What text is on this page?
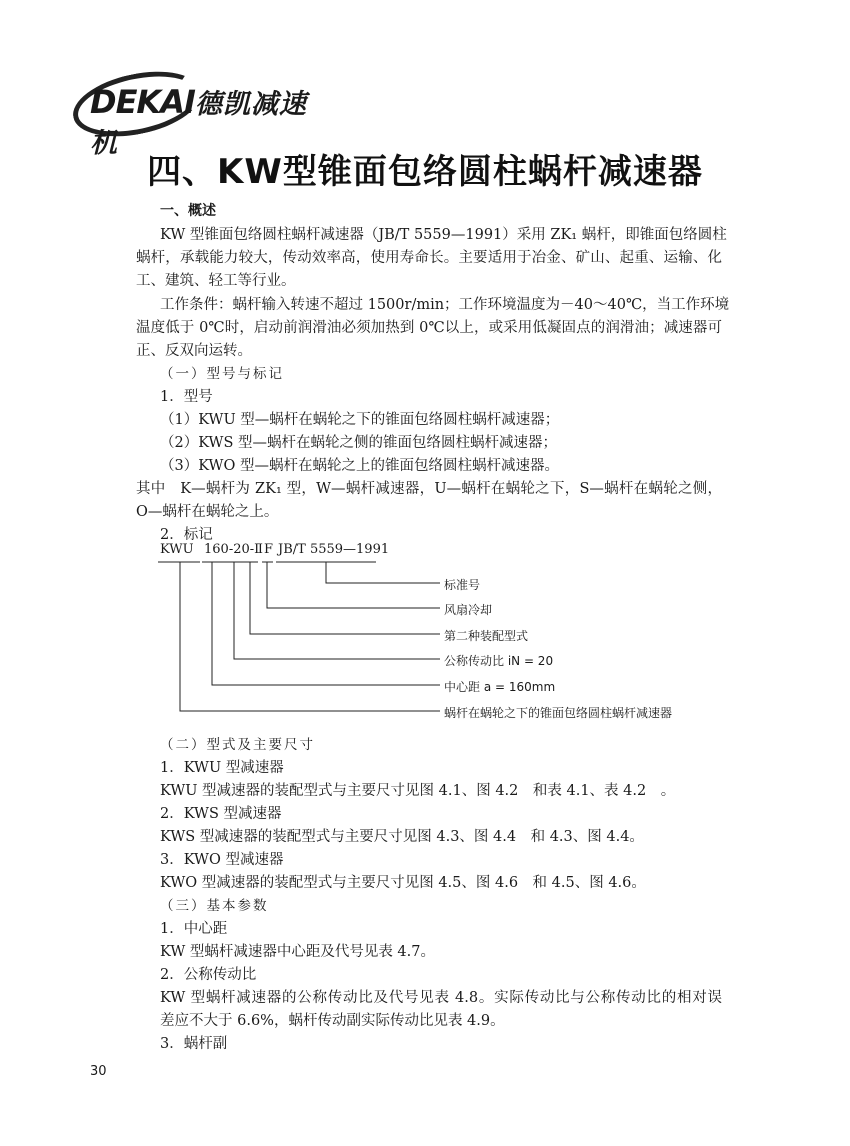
DEKAI德凯减速机
四、KW型锥面包络圆柱蜗杆减速器
一、概述
KW 型锥面包络圆柱蜗杆减速器（JB/T 5559—1991）采用 ZK₁ 蜗杆，即锥面包络圆柱
蜗杆，承载能力较大，传动效率高，使用寿命长。主要适用于冶金、矿山、起重、运输、化
工、建筑、轻工等行业。
工作条件：蜗杆输入转速不超过 1500r/min；工作环境温度为－40～40℃，当工作环境
温度低于 0℃时，启动前润滑油必须加热到 0℃以上，或采用低凝固点的润滑油；减速器可
正、反双向运转。
（一）型号与标记
1．型号
（1）KWU 型—蜗杆在蜗轮之下的锥面包络圆柱蜗杆减速器；
（2）KWS 型—蜗杆在蜗轮之侧的锥面包络圆柱蜗杆减速器；
（3）KWO 型—蜗杆在蜗轮之上的锥面包络圆柱蜗杆减速器。
其中　K—蜗杆为 ZK₁ 型，W—蜗杆减速器，U—蜗杆在蜗轮之下，S—蜗杆在蜗轮之侧，
O—蜗杆在蜗轮之上。
2．标记
KWU 160-20-Ⅱ F JB/T 5559—1991
标准号
风扇冷却
第二种装配型式
公称传动比 iN = 20
中心距 a = 160mm
蜗杆在蜗轮之下的锥面包络圆柱蜗杆减速器
（二）型式及主要尺寸
1．KWU 型减速器
KWU 型减速器的装配型式与主要尺寸见图 4.1、图 4.2　和表 4.1、表 4.2　。
2．KWS 型减速器
KWS 型减速器的装配型式与主要尺寸见图 4.3、图 4.4　和 4.3、图 4.4。
3．KWO 型减速器
KWO 型减速器的装配型式与主要尺寸见图 4.5、图 4.6　和 4.5、图 4.6。
（三）基本参数
1．中心距
KW 型蜗杆减速器中心距及代号见表 4.7。
2．公称传动比
KW 型蜗杆减速器的公称传动比及代号见表 4.8。实际传动比与公称传动比的相对误
差应不大于 6.6%，蜗杆传动副实际传动比见表 4.9。
3．蜗杆副
30
